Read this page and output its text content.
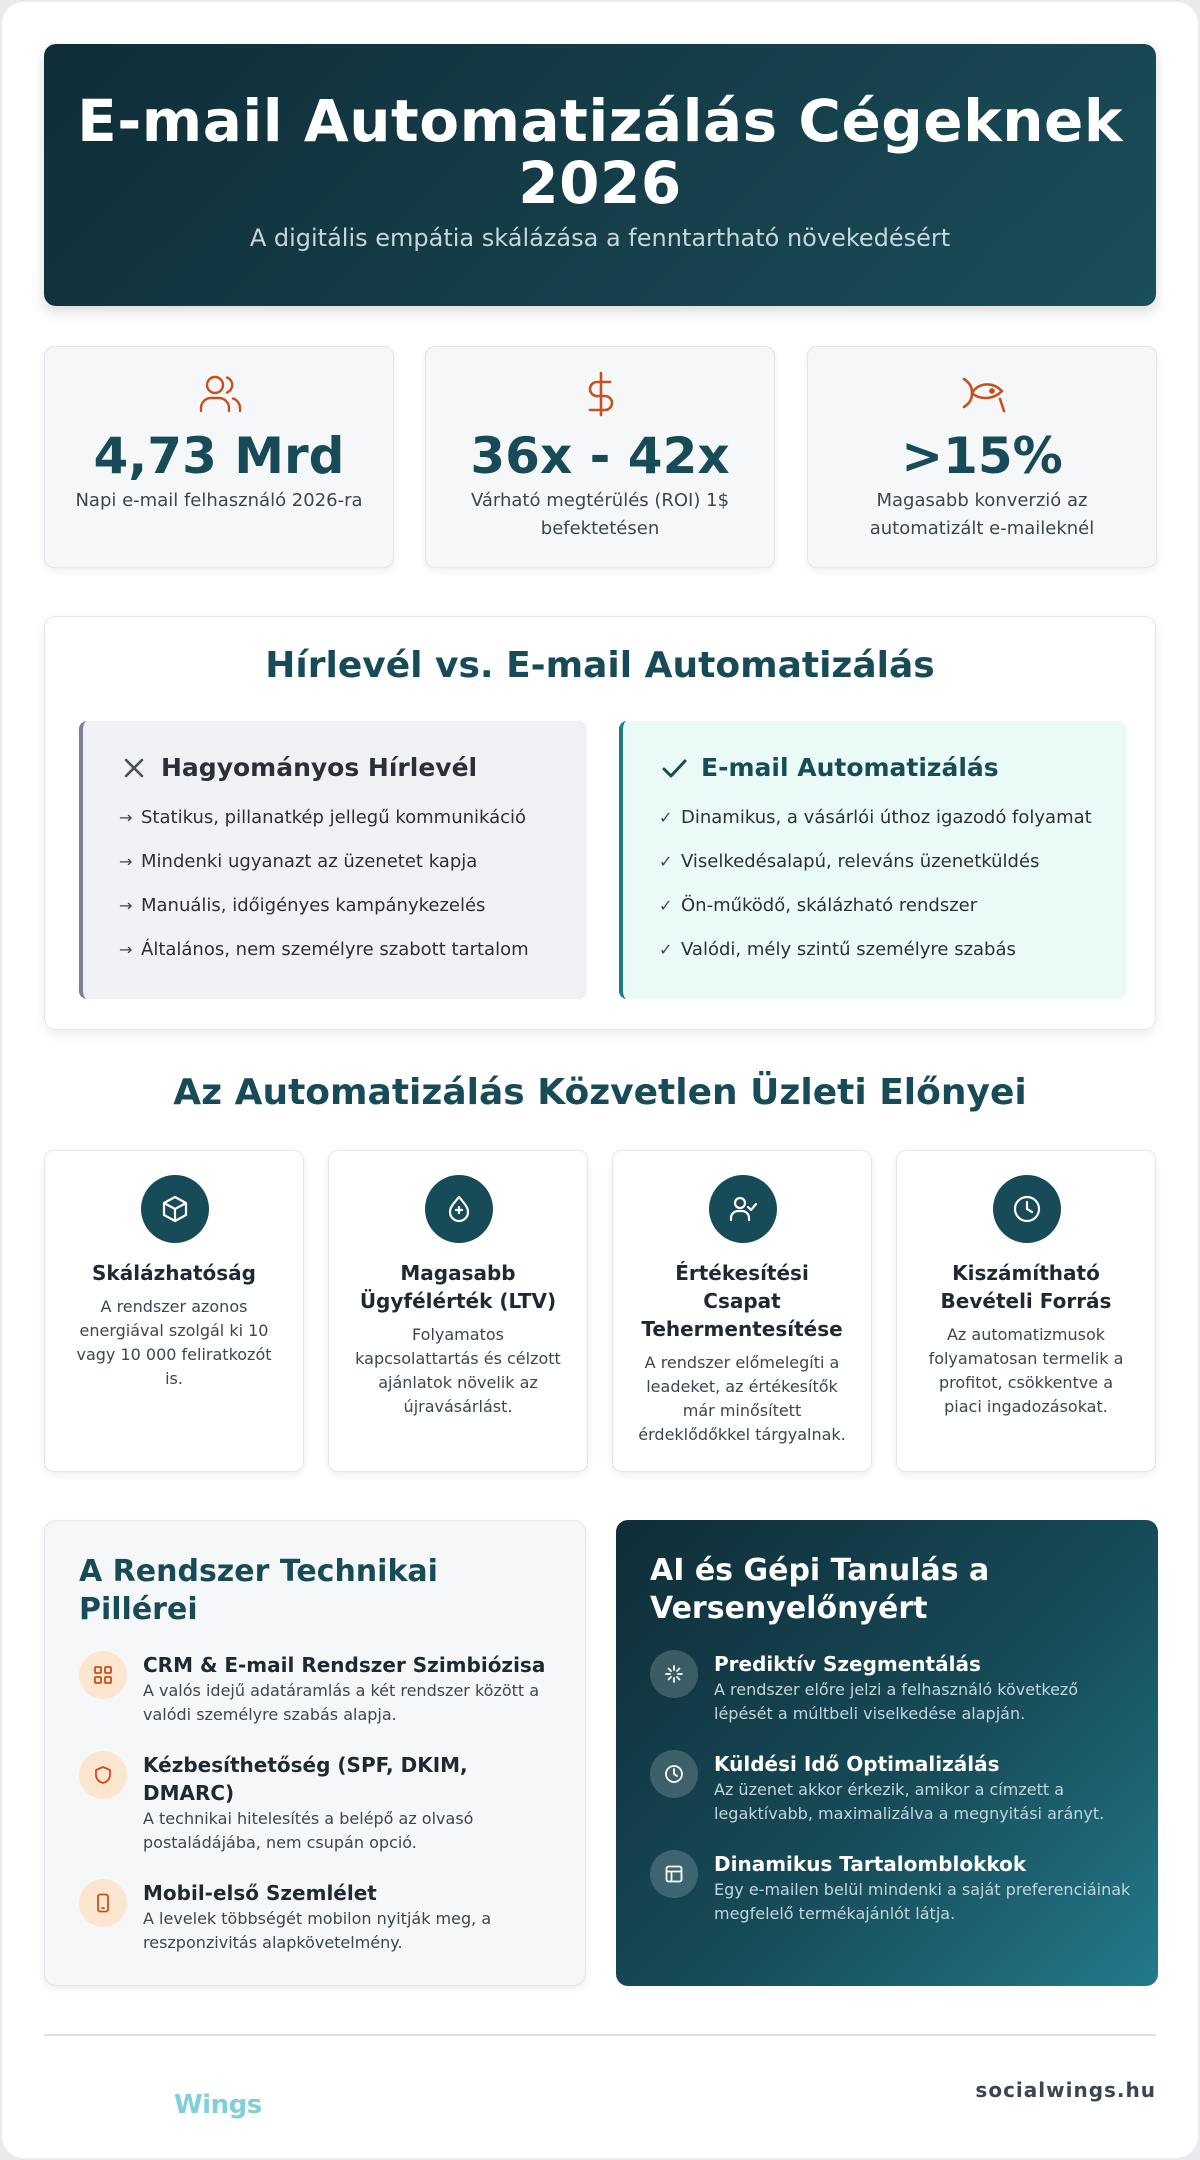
E-mail Automatizálás Cégeknek 2026

A digitális empátia skálázása a fenntartható növekedésért

4,73 Mrd
Napi e-mail felhasználó 2026-ra
36x - 42x
Várható megtérülés (ROI) 1$ befektetésen
>15%
Magasabb konverzió az automatizált e-maileknél
Hírlevél vs. E-mail Automatizálás
Hagyományos Hírlevél
→ Statikus, pillanatkép jellegű kommunikáció
→ Mindenki ugyanazt az üzenetet kapja
→ Manuális, időigényes kampánykezelés
→ Általános, nem személyre szabott tartalom
E-mail Automatizálás
✓ Dinamikus, a vásárlói úthoz igazodó folyamat
✓ Viselkedésalapú, releváns üzenetküldés
✓ Ön-működő, skálázható rendszer
✓ Valódi, mély szintű személyre szabás
Az Automatizálás Közvetlen Üzleti Előnyei
Skálázhatóság

A rendszer azonos energiával szolgál ki 10 vagy 10 000 feliratkozót is.

Magasabb Ügyfélérték (LTV)

Folyamatos kapcsolattartás és célzott ajánlatok növelik az újravásárlást.

Értékesítési Csapat Tehermentesítése

A rendszer előmelegíti a leadeket, az értékesítők már minősített érdeklődőkkel tárgyalnak.

Kiszámítható Bevételi Forrás

Az automatizmusok folyamatosan termelik a profitot, csökkentve a piaci ingadozásokat.

A Rendszer Technikai Pillérei
CRM & E-mail Rendszer Szimbiózisa
A valós idejű adatáramlás a két rendszer között a valódi személyre szabás alapja.
Kézbesíthetőség (SPF, DKIM, DMARC)
A technikai hitelesítés a belépő az olvasó postaládájába, nem csupán opció.
Mobil-első Szemlélet
A levelek többségét mobilon nyitják meg, a reszponzivitás alapkövetelmény.
AI és Gépi Tanulás a Versenyelőnyért
Prediktív Szegmentálás
A rendszer előre jelzi a felhasználó következő lépését a múltbeli viselkedése alapján.
Küldési Idő Optimalizálás
Az üzenet akkor érkezik, amikor a címzett a legaktívabb, maximalizálva a megnyitási arányt.
Dinamikus Tartalomblokkok
Egy e-mailen belül mindenki a saját preferenciáinak megfelelő termékajánlót látja.
Wings	socialwings.hu
